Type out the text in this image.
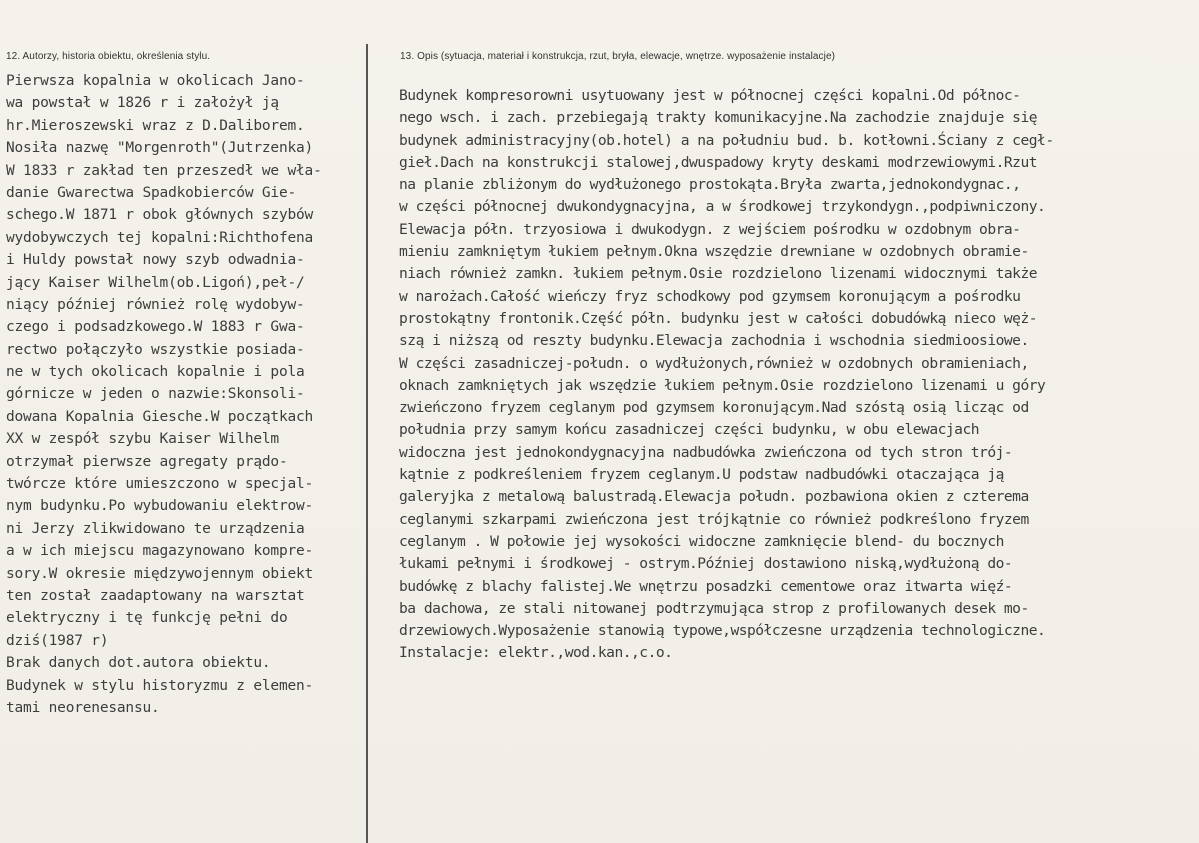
12. Autorzy, historia obiektu, określenia stylu.	13. Opis (sytuacja, materiał i konstrukcja, rzut, bryła, elewacje, wnętrze. wyposażenie instalacje)
Pierwsza kopalnia w okolicach Jano-
wa powstał w 1826 r i założył ją
hr.Mieroszewski wraz z D.Daliborem.
Nosiła nazwę "Morgenroth"(Jutrzenka)
W 1833 r zakład ten przeszedł we wła-
danie Gwarectwa Spadkobierców Gie-
schego.W 1871 r obok głównych szybów
wydobywczych tej kopalni:Richthofena
i Huldy powstał nowy szyb odwadnia-
jący Kaiser Wilhelm(ob.Ligoń),peł-/
niący później również rolę wydobyw-
czego i podsadzkowego.W 1883 r Gwa-
rectwo połączyło wszystkie posiada-
ne w tych okolicach kopalnie i pola
górnicze w jeden o nazwie:Skonsoli-
dowana Kopalnia Giesche.W początkach
XX w zespół szybu Kaiser Wilhelm
otrzymał pierwsze agregaty prądo-
twórcze które umieszczono w specjal-
nym budynku.Po wybudowaniu elektrow-
ni Jerzy zlikwidowano te urządzenia
a w ich miejscu magazynowano kompre-
sory.W okresie międzywojennym obiekt
ten został zaadaptowany na warsztat
elektryczny i tę funkcję pełni do
dziś(1987 r)
Brak danych dot.autora obiektu.
Budynek w stylu historyzmu z elemen-
tami neorenesansu.
Budynek kompresorowni usytuowany jest w północnej części kopalni.Od północ-
nego wsch. i zach. przebiegają trakty komunikacyjne.Na zachodzie znajduje się
budynek administracyjny(ob.hotel) a na południu bud. b. kotłowni.Ściany z cegł-
gieł.Dach na konstrukcji stalowej,dwuspadowy kryty deskami modrzewiowymi.Rzut
na planie zbliżonym do wydłużonego prostokąta.Bryła zwarta,jednokondygnac.,
w części północnej dwukondygnacyjna, a w środkowej trzykondygn.,podpiwniczony.
Elewacja półn. trzyosiowa i dwukodygn. z wejściem pośrodku w ozdobnym obra-
mieniu zamkniętym łukiem pełnym.Okna wszędzie drewniane w ozdobnych obramie-
niach również zamkn. łukiem pełnym.Osie rozdzielono lizenami widocznymi także
w narożach.Całość wieńczy fryz schodkowy pod gzymsem koronującym a pośrodku
prostokątny frontonik.Część półn. budynku jest w całości dobudówką nieco węż-
szą i niższą od reszty budynku.Elewacja zachodnia i wschodnia siedmioosiowe.
W części zasadniczej-połudn. o wydłużonych,również w ozdobnych obramieniach,
oknach zamkniętych jak wszędzie łukiem pełnym.Osie rozdzielono lizenami u góry
zwieńczono fryzem ceglanym pod gzymsem koronującym.Nad szóstą osią licząc od
południa przy samym końcu zasadniczej części budynku, w obu elewacjach
widoczna jest jednokondygnacyjna nadbudówka zwieńczona od tych stron trój-
kątnie z podkreśleniem fryzem ceglanym.U podstaw nadbudówki otaczająca ją
galeryjka z metalową balustradą.Elewacja połudn. pozbawiona okien z czterema
ceglanymi szkarpami zwieńczona jest trójkątnie co również podkreślono fryzem
ceglanym . W połowie jej wysokości widoczne zamknięcie blend- du bocznych
łukami pełnymi i środkowej - ostrym.Później dostawiono niską,wydłużoną do-
budówkę z blachy falistej.We wnętrzu posadzki cementowe oraz itwarta więź-
ba dachowa, ze stali nitowanej podtrzymująca strop z profilowanych desek mo-
drzewiowych.Wyposażenie stanowią typowe,współczesne urządzenia technologiczne.
Instalacje: elektr.,wod.kan.,c.o.
